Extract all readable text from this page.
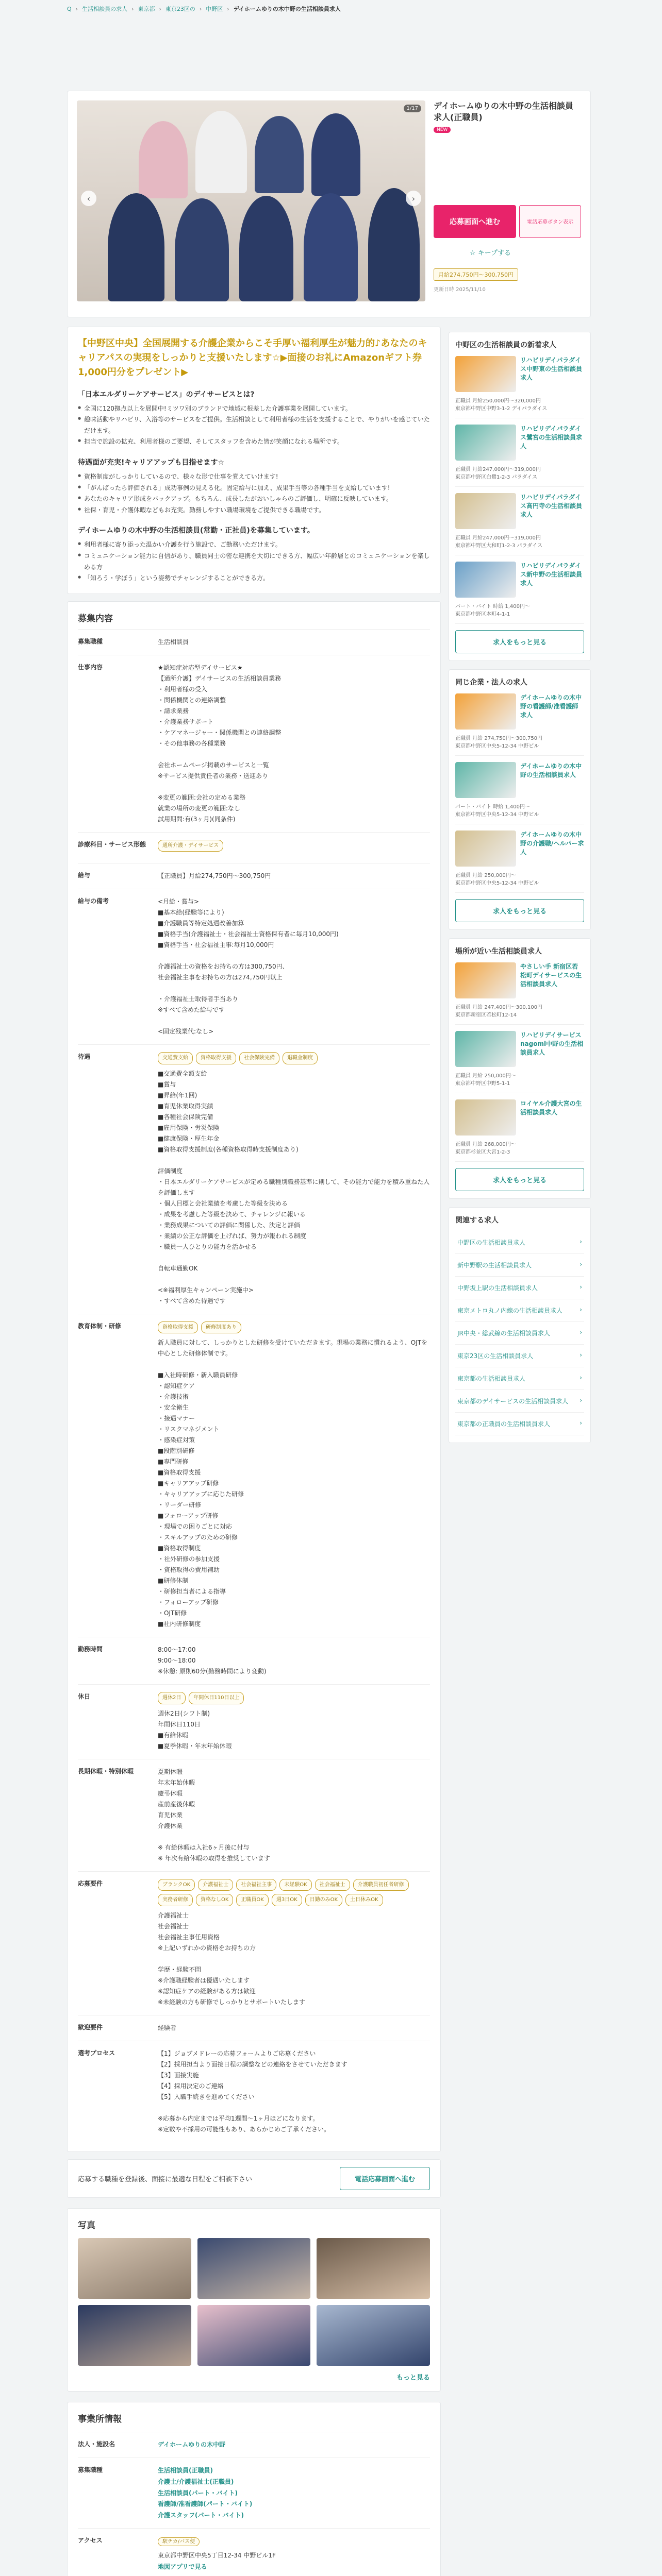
Q › 生活相談員の求人 › 東京都 › 東京23区の › 中野区 › デイホームゆりの木中野の生活相談員求人
‹	›
1/17	デイホームゆりの木中野の生活相談員求人(正職員)
NEW
応募画面へ進む	電話応募ボタン表示
☆ キープする
月給274,750円〜300,750円
更新日時 2025/11/10
【中野区中央】全国展開する介護企業からこそ手厚い福利厚生が魅力的♪あなたのキャリアパスの実現をしっかりと支援いたします☆▶面接のお礼にAmazonギフト券1,000円分をプレゼント▶
「日本エルダリーケアサービス」のデイサービスとは?
● 全国に120拠点以上を展開中!ミツワ別のブランドで地域に根差した介護事業を展開しています。
● 趣味活動やリハビリ、入浴等のサービスをご提供。生活相談として利用者様の生活を支援することで、やりがいを感じていただけます。
● 担当で施設の拡充、利用者様のご要望、そしてスタッフを含めた皆が笑顔になれる場所です。
待遇面が充実!キャリアアップも目指せます☆
● 資格制度がしっかりしているので、様々な形で仕事を覚えていけます!
● 「がんばったら評価される」成功事例の見える化。固定給与に加え、成果手当等の各種手当を支給しています!
● あなたのキャリア形成をバックアップ。もちろん、成長したがおいしゃらのご評価し、明確に反映しています。
● 社保・育児・介護休暇などもお充実。勤務しやすい職場環境をご提供できる職場です。
デイホームゆりの木中野の生活相談員(常勤・正社員)を募集しています。
● 利用者様に寄り添った温かい介護を行う施設で、ご勤務いただけます。
● コミュニケーション能力に自信があり、職員同士の密な連携を大切にできる方、幅広い年齢層とのコミュニケーションを楽しめる方
● 「知ろう・学ぼう」という姿勢でチャレンジすることができる方。
募集内容
募集職種	生活相談員
仕事内容	★認知症対応型デイサービス★
【通所介護】デイサービスの生活相談員業務
・利用者様の受入
・関係機関との連絡調整
・請求業務
・介護業務サポート
・ケアマネージャー・関係機関との連絡調整
・その他事務の各種業務

会社ホームページ掲載のサービスと一覧
※サービス提供責任者の業務・送迎あり

※変更の範囲:会社の定める業務
就業の場所の変更の範囲:なし
試用期間:有(3ヶ月)(同条件)
診療科目・サービス形態	通所介護・デイサービス
給与	【正職員】月給274,750円〜300,750円
給与の備考	<月給・賞与>
■基本給(経験等により)
■介護職員等特定処遇改善加算
■資格手当(介護福祉士・社会福祉士資格保有者に毎月10,000円)
■資格手当・社会福祉主事:毎月10,000円

介護福祉士の資格をお持ちの方は300,750円、
社会福祉主事をお持ちの方は274,750円以上

・介護福祉士取得者手当あり
※すべて含めた給与です

<固定残業代:なし>
待遇	交通費支給	資格取得支援	社会保険完備	退職金制度
■交通費全額支給
■賞与
■昇給(年1回)
■育児休業取得実績
■各種社会保険完備
■雇用保険・労災保険
■健康保険・厚生年金
■資格取得支援制度(各種資格取得時支援制度あり)

評価制度
・日本エルダリーケアサービスが定める職種別職務基準に則して、その能力で能力を積み重ねた人を評価します
・個人目標と会社業績を考慮した等級を決める
・成果を考慮した等級を決めて、チャレンジに報いる
・業務成果についての評価に関係した、決定と評価
・業績の公正な評価を上げれば、努力が報われる制度
・職員一人ひとりの能力を活かせる

自転車通勤OK

<※福利厚生キャンペーン実施中>
・すべて含めた待遇です
教育体制・研修	資格取得支援	研修制度あり
新人職員に対して、しっかりとした研修を受けていただきます。現場の業務に慣れるよう、OJTを中心とした研修体制です。

■入社時研修・新入職員研修
・認知症ケア
・介護技術
・安全衛生
・接遇マナー
・リスクマネジメント
・感染症対策
■段階別研修
■専門研修
■資格取得支援
■キャリアアップ研修
・キャリアアップに応じた研修
・リーダー研修
■フォローアップ研修
・現場での困りごとに対応
・スキルアップのための研修
■資格取得制度
・社外研修の参加支援
・資格取得の費用補助
■研修体制
・研修担当者による指導
・フォローアップ研修
・OJT研修
■社内研修制度
勤務時間	8:00〜17:00
9:00〜18:00
※休憩: 原則60分(勤務時間により変動)
休日	週休2日	年間休日110日以上
週休2日(シフト制)
年間休日110日
■有給休暇
■夏季休暇・年末年始休暇
長期休暇・特別休暇	夏期休暇
年末年始休暇
慶弔休暇
産前産後休暇
育児休業
介護休業

※ 有給休暇は入社6ヶ月後に付与
※ 年次有給休暇の取得を推奨しています
応募要件	ブランクOK	介護福祉士	社会福祉主事	未経験OK	社会福祉士	介護職員初任者研修
実務者研修	資格なしOK	正職員OK	週3日OK	日勤のみOK	土日休みOK
介護福祉士
社会福祉士
社会福祉主事任用資格
※上記いずれかの資格をお持ちの方

学歴・経験不問
※介護職経験者は優遇いたします
※認知症ケアの経験がある方は歓迎
※未経験の方も研修でしっかりとサポートいたします
歓迎要件	経験者
選考プロセス	【1】ジョブメドレーの応募フォームよりご応募ください
【2】採用担当より面接日程の調整などの連絡をさせていただきます
【3】面接実施
【4】採用決定のご連絡
【5】入職手続きを進めてください

※応募から内定までは平均1週間〜1ヶ月ほどになります。
※定数や不採用の可能性もあり、あらかじめご了承ください。
応募する職種を登録後、面接に最適な日程をご相談下さい	電話応募画面へ進む
写真
もっと見る
事業所情報
法人・施設名	デイホームゆりの木中野
募集職種	生活相談員(正職員)
介護士/介護福祉士(正職員)
生活相談員(パート・バイト)
看護師/准看護師(パート・バイト)
介護スタッフ(パート・バイト)
アクセス	駅チカ/バス便
東京都中野区中央5丁目12-34 中野ビル1F
地図アプリで見る
中野区の生活相談員の新着求人
リハビリデイパラダイス中野東の生活相談員求人
正職員 月給250,000円〜320,000円
東京都中野区中野3-1-2 デイパラダイス
リハビリデイパラダイス鷺宮の生活相談員求人
正職員 月給247,000円〜319,000円
東京都中野区白鷺1-2-3 パラダイス
リハビリデイパラダイス高円寺の生活相談員求人
正職員 月給247,000円〜319,000円
東京都中野区大和町1-2-3 パラダイス
リハビリデイパラダイス新中野の生活相談員求人
パート・バイト 時給 1,400円〜
東京都中野区本町4-1-1
求人をもっと見る
同じ企業・法人の求人
デイホームゆりの木中野の看護師/准看護師求人
正職員 月給 274,750円〜300,750円
東京都中野区中央5-12-34 中野ビル
デイホームゆりの木中野の生活相談員求人
パート・バイト 時給 1,400円〜
東京都中野区中央5-12-34 中野ビル
デイホームゆりの木中野の介護職/ヘルパー求人
正職員 月給 250,000円〜
東京都中野区中央5-12-34 中野ビル
求人をもっと見る
場所が近い生活相談員求人
やさしい手 新宿区若松町デイサービスの生活相談員求人
正職員 月給 247,400円〜300,100円
東京都新宿区若松町12-14
リハビリデイサービスnagomi中野の生活相談員求人
正職員 月給 250,000円〜
東京都中野区中野5-1-1
ロイヤル介護大宮の生活相談員求人
正職員 月給 268,000円〜
東京都杉並区大宮1-2-3
求人をもっと見る
関連する求人
中野区の生活相談員求人	›
新中野駅の生活相談員求人	›
中野坂上駅の生活相談員求人	›
東京メトロ丸ノ内線の生活相談員求人	›
JR中央・総武線の生活相談員求人	›
東京23区の生活相談員求人	›
東京都の生活相談員求人	›
東京都のデイサービスの生活相談員求人 ›
東京都の正職員の生活相談員求人	›
